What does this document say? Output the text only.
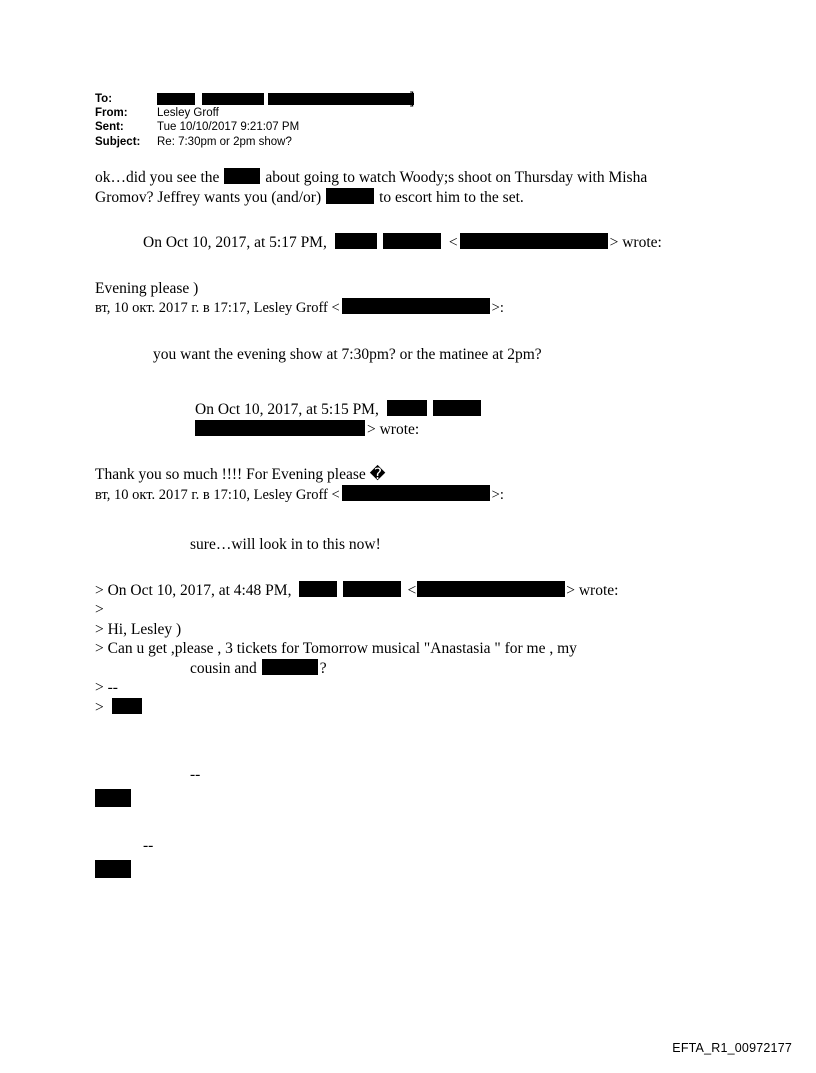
To:	]
From:	Lesley Groff
Sent:	Tue 10/10/2017 9:21:07 PM
Subject:	Re: 7:30pm or 2pm show?

ok…did you see the	about going to watch Woody;s shoot on Thursday with Misha

Gromov? Jeffrey wants you (and/or)	to escort him to the set.

On Oct 10, 2017, at 5:17 PM,	<	> wrote:

Evening please )

вт, 10 окт. 2017 г. в 17:17, Lesley Groff <	>:

you want the evening show at 7:30pm? or the matinee at 2pm?

On Oct 10, 2017, at 5:15 PM,

> wrote:

Thank you so much !!!! For Evening please �

вт, 10 окт. 2017 г. в 17:10, Lesley Groff <	>:

sure…will look in to this now!

> On Oct 10, 2017, at 4:48 PM,	<	> wrote:

>

> Hi, Lesley )

> Can u get ,please , 3 tickets for Tomorrow musical "Anastasia " for me , my

cousin and	?

> --

>

--

--

EFTA_R1_00972177
